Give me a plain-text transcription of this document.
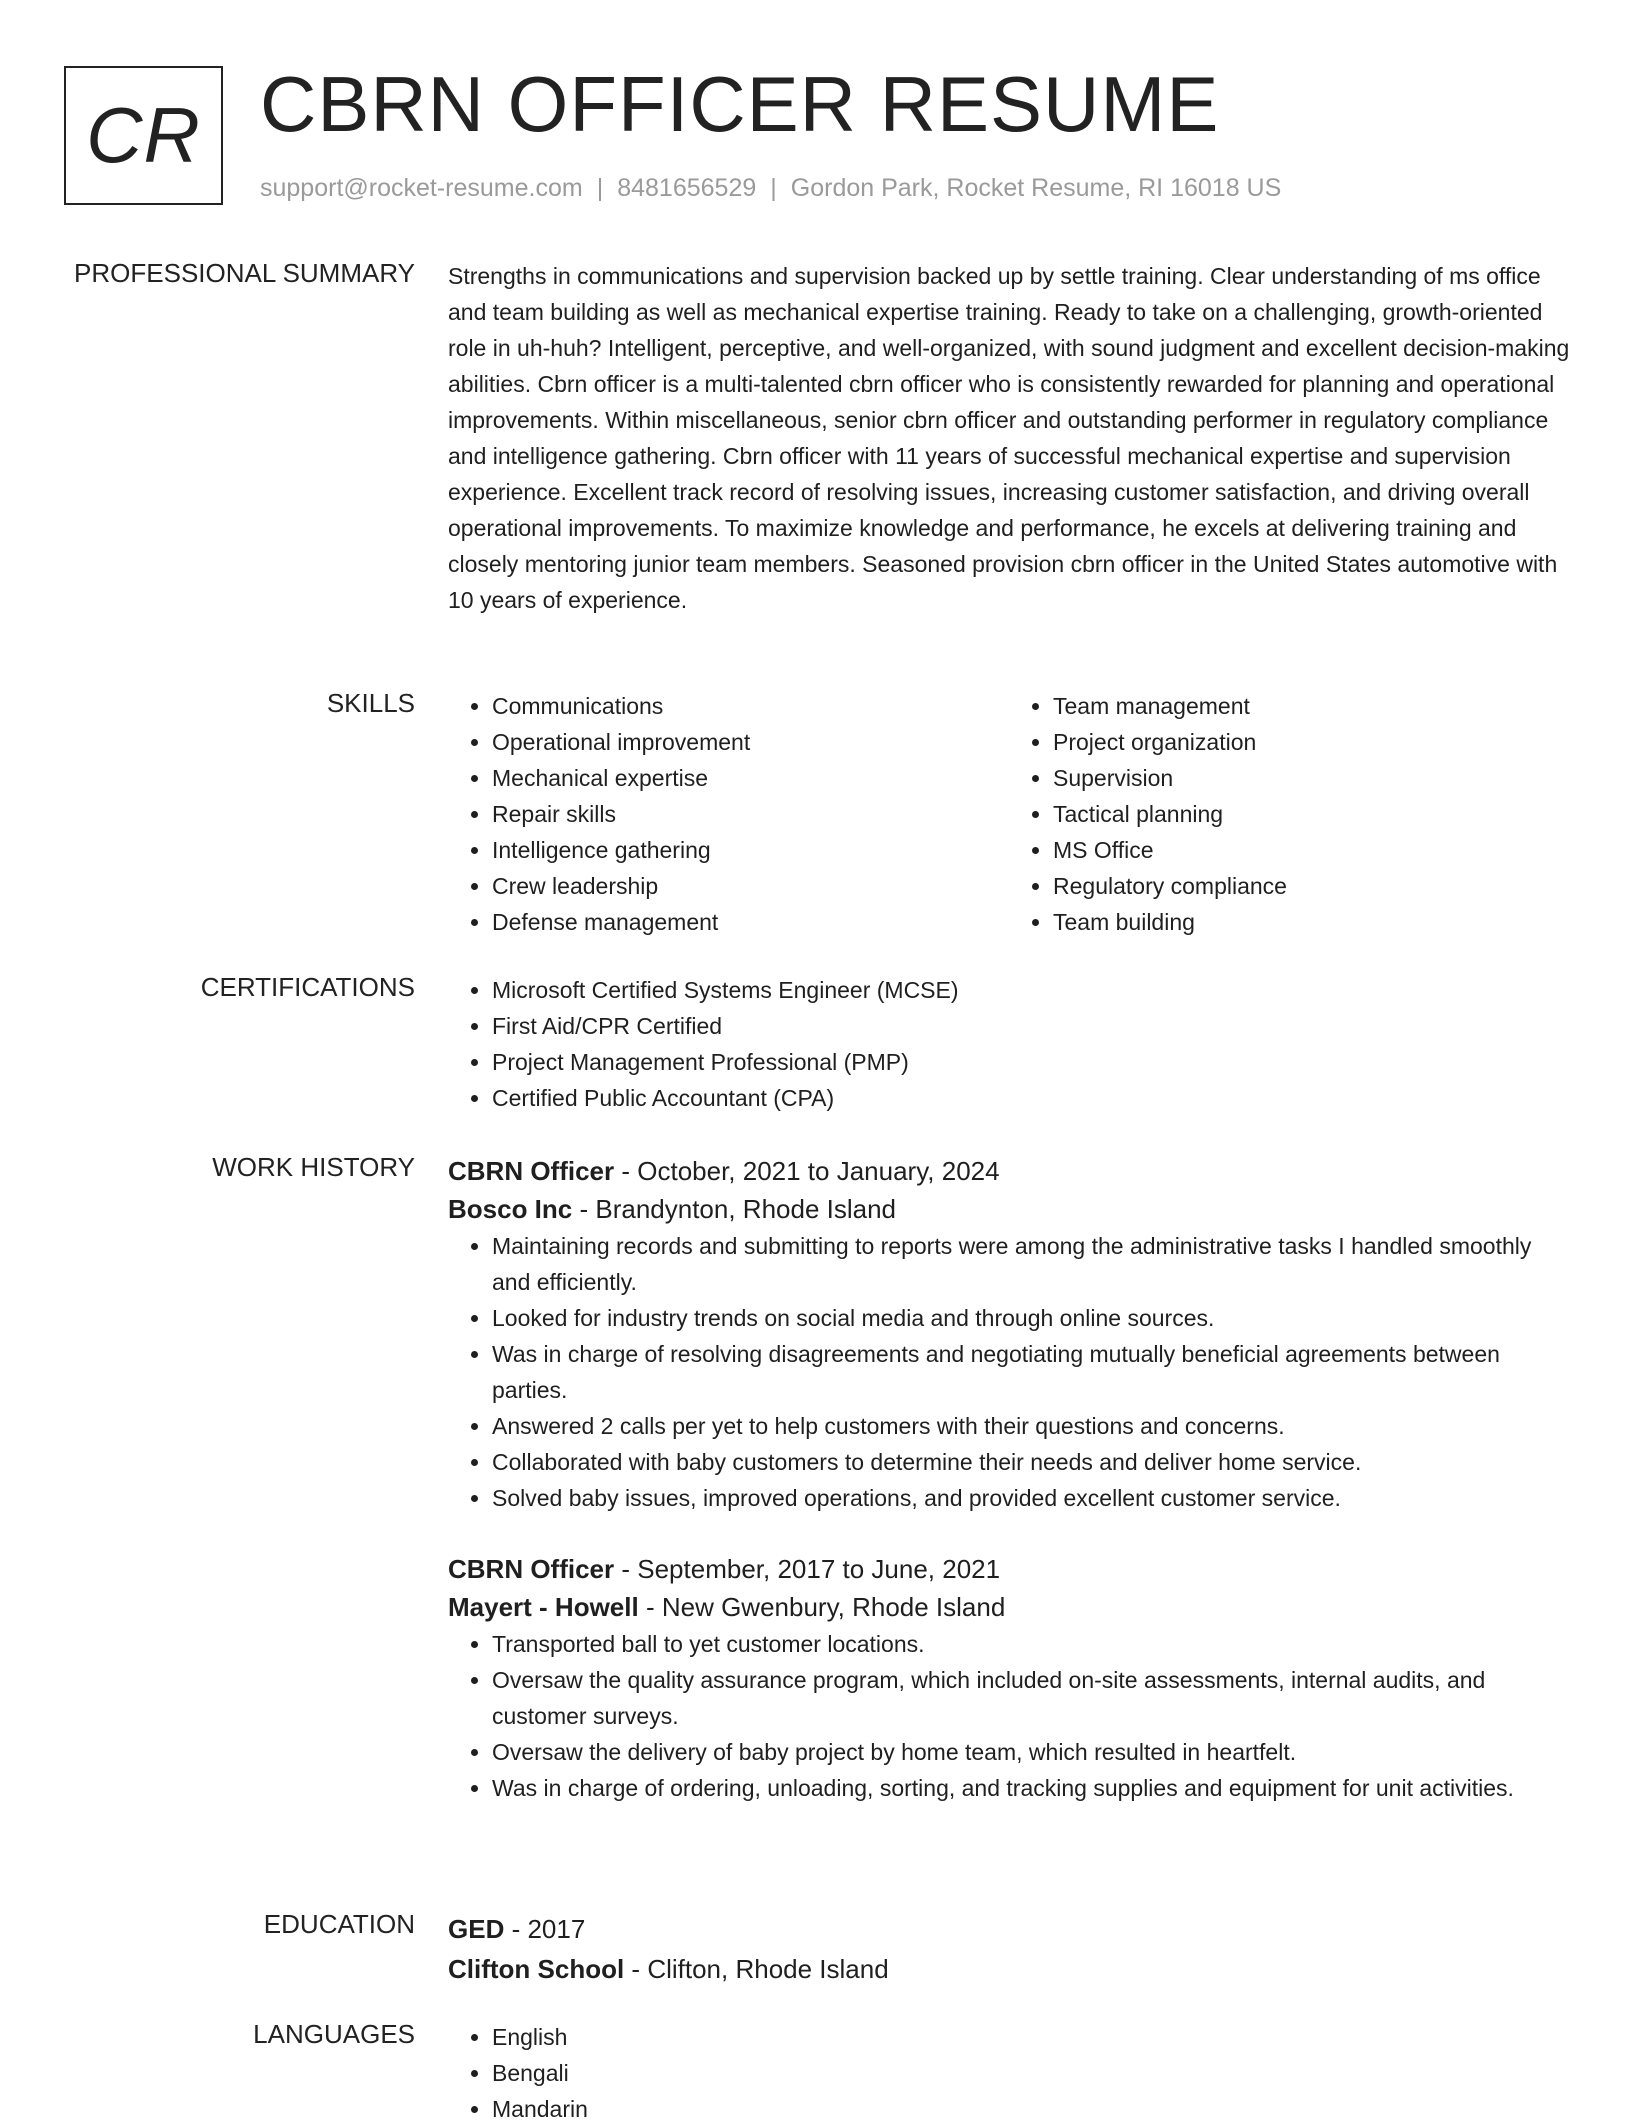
CR CBRN OFFICER RESUME
support@rocket-resume.com | 8481656529 | Gordon Park, Rocket Resume, RI 16018 US
PROFESSIONAL SUMMARY Strengths in communications and supervision backed up by settle training. Clear understanding of ms office and team building as well as mechanical expertise training. Ready to take on a challenging, growth-oriented role in uh-huh? Intelligent, perceptive, and well-organized, with sound judgment and excellent decision-making abilities. Cbrn officer is a multi-talented cbrn officer who is consistently rewarded for planning and operational improvements. Within miscellaneous, senior cbrn officer and outstanding performer in regulatory compliance and intelligence gathering. Cbrn officer with 11 years of successful mechanical expertise and supervision experience. Excellent track record of resolving issues, increasing customer satisfaction, and driving overall operational improvements. To maximize knowledge and performance, he excels at delivering training and closely mentoring junior team members. Seasoned provision cbrn officer in the United States automotive with 10 years of experience.

SKILLS	• Communications
• Operational improvement
• Mechanical expertise
• Repair skills
• Intelligence gathering
• Crew leadership
• Defense management
• Team management
• Project organization
• Supervision
• Tactical planning
• MS Office
• Regulatory compliance
• Team building
CERTIFICATIONS	• Microsoft Certified Systems Engineer (MCSE)
• First Aid/CPR Certified
• Project Management Professional (PMP)
• Certified Public Accountant (CPA)
WORK HISTORY CBRN Officer - October, 2021 to January, 2024
Bosco Inc - Brandynton, Rhode Island
• Maintaining records and submitting to reports were among the administrative tasks I handled smoothly and efficiently.
• Looked for industry trends on social media and through online sources.
• Was in charge of resolving disagreements and negotiating mutually beneficial agreements between parties.
• Answered 2 calls per yet to help customers with their questions and concerns.
• Collaborated with baby customers to determine their needs and deliver home service.
• Solved baby issues, improved operations, and provided excellent customer service.
CBRN Officer - September, 2017 to June, 2021
Mayert - Howell - New Gwenbury, Rhode Island
• Transported ball to yet customer locations.
• Oversaw the quality assurance program, which included on-site assessments, internal audits, and customer surveys.
• Oversaw the delivery of baby project by home team, which resulted in heartfelt.
• Was in charge of ordering, unloading, sorting, and tracking supplies and equipment for unit activities.
EDUCATION GED - 2017
Clifton School - Clifton, Rhode Island
LANGUAGES	• English
• Bengali
• Mandarin
